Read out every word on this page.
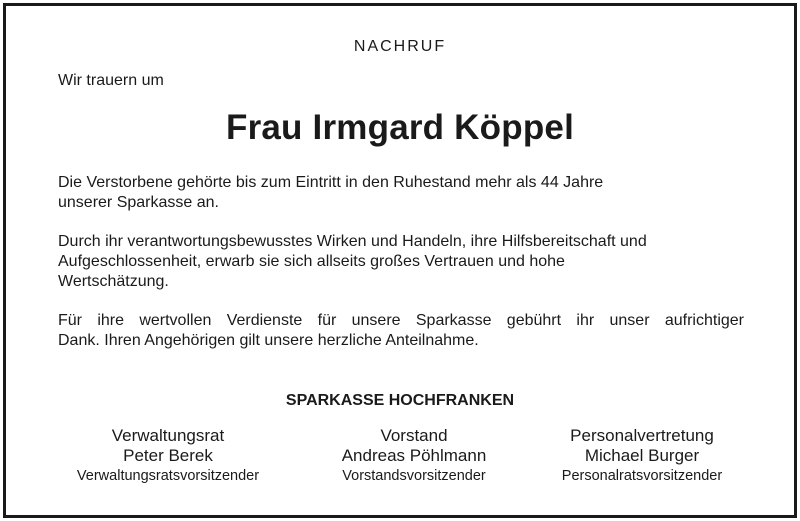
NACHRUF
Wir trauern um
Frau Irmgard Köppel
Die Verstorbene gehörte bis zum Eintritt in den Ruhestand mehr als 44 Jahre
unserer Sparkasse an.
Durch ihr verantwortungsbewusstes Wirken und Handeln, ihre Hilfsbereitschaft und
Aufgeschlossenheit, erwarb sie sich allseits großes Vertrauen und hohe
Wertschätzung.
Für ihre wertvollen Verdienste für unsere Sparkasse gebührt ihr unser aufrichtiger
Dank. Ihren Angehörigen gilt unsere herzliche Anteilnahme.
SPARKASSE HOCHFRANKEN
Verwaltungsrat
Peter Berek
Verwaltungsratsvorsitzender
Vorstand
Andreas Pöhlmann
Vorstandsvorsitzender
Personalvertretung
Michael Burger
Personalratsvorsitzender
